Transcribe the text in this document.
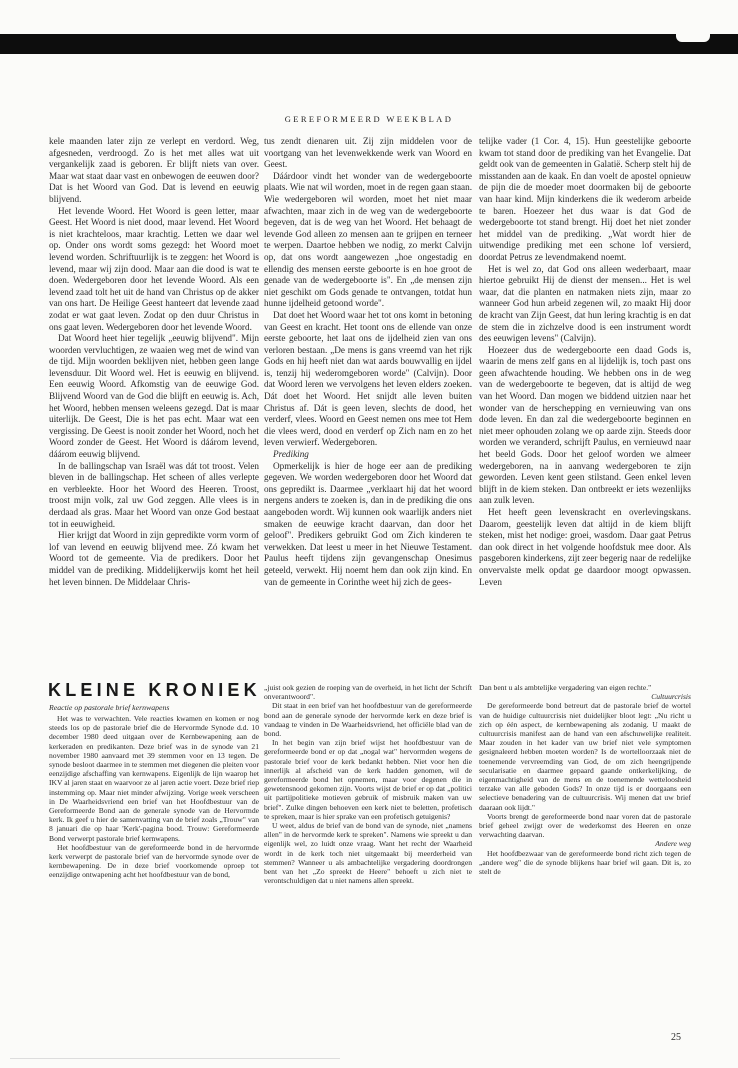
GEREFORMEERD WEEKBLAD

kele maanden later zijn ze verlept en verdord. Weg, afgesneden, verdroogd. Zo is het met alles wat uit vergankelijk zaad is geboren. Er blijft niets van over. Maar wat staat daar vast en onbewogen de eeuwen door? Dat is het Woord van God. Dat is levend en eeuwig blijvend.

Het levende Woord. Het Woord is geen letter, maar Geest. Het Woord is niet dood, maar levend. Het Woord is niet krachteloos, maar krachtig. Letten we daar wel op. Onder ons wordt soms gezegd: het Woord moet levend worden. Schriftuurlijk is te zeggen: het Woord is levend, maar wij zijn dood. Maar aan die dood is wat te doen. Wedergeboren door het levende Woord. Als een levend zaad tolt het uit de hand van Christus op de akker van ons hart. De Heilige Geest hanteert dat levende zaad zodat er wat gaat leven. Zodat op den duur Christus in ons gaat leven. Wedergeboren door het levende Woord.

Dat Woord heet hier tegelijk „eeuwig blijvend". Mijn woorden vervluchtigen, ze waaien weg met de wind van de tijd. Mijn woorden beklijven niet, hebben geen lange levensduur. Dit Woord wel. Het is eeuwig en blijvend. Een eeuwig Woord. Afkomstig van de eeuwige God. Blijvend Woord van de God die blijft en eeuwig is. Ach, het Woord, hebben mensen weleens gezegd. Dat is maar uiterlijk. De Geest, Die is het pas echt. Maar wat een vergissing. De Geest is nooit zonder het Woord, noch het Woord zonder de Geest. Het Woord is dáárom levend, dáárom eeuwig blijvend.

In de ballingschap van Israël was dát tot troost. Velen bleven in de ballingschap. Het scheen of alles verlepte en verbleekte. Hoor het Woord des Heeren. Troost, troost mijn volk, zal uw God zeggen. Alle vlees is in derdaad als gras. Maar het Woord van onze God bestaat tot in eeuwigheid.

Hier krijgt dat Woord in zijn gepredikte vorm vorm of lof van levend en eeuwig blijvend mee. Zó kwam het Woord tot de gemeente. Via de predikers. Door het middel van de prediking. Middelijkerwijs komt het heil het leven binnen. De Middelaar Chris-

tus zendt dienaren uit. Zij zijn middelen voor de voortgang van het levenwekkende werk van Woord en Geest.

Dáárdoor vindt het wonder van de wedergeboorte plaats. Wie nat wil worden, moet in de regen gaan staan. Wie wedergeboren wil worden, moet het niet maar afwachten, maar zich in de weg van de wedergeboorte begeven, dat is de weg van het Woord. Het behaagt de levende God alleen zo mensen aan te grijpen en terneer te werpen. Daartoe hebben we nodig, zo merkt Calvijn op, dat ons wordt aangewezen „hoe ongestadig en ellendig des mensen eerste geboorte is en hoe groot de genade van de wedergeboorte is". En „de mensen zijn niet geschikt om Gods genade te ontvangen, totdat hun hunne ijdelheid getoond worde".

Dat doet het Woord waar het tot ons komt in betoning van Geest en kracht. Het toont ons de ellende van onze eerste geboorte, het laat ons de ijdelheid zien van ons verloren bestaan. „De mens is gans vreemd van het rijk Gods en hij heeft niet dan wat aards bouwvallig en ijdel is, tenzij hij wederomgeboren worde" (Calvijn). Door dat Woord leren we vervolgens het leven elders zoeken. Dát doet het Woord. Het snijdt alle leven buiten Christus af. Dát is geen leven, slechts de dood, het verderf, vlees. Woord en Geest nemen ons mee tot Hem die vlees werd, dood en verderf op Zich nam en zo het leven verwierf. Wedergeboren.

Prediking

Opmerkelijk is hier de hoge eer aan de prediking gegeven. We worden wedergeboren door het Woord dat ons gepredikt is. Daarmee „verklaart hij dat het woord nergens anders te zoeken is, dan in de prediking die ons aangeboden wordt. Wij kunnen ook waarlijk anders niet smaken de eeuwige kracht daarvan, dan door het geloof". Predikers gebruikt God om Zich kinderen te verwekken. Dat leest u meer in het Nieuwe Testament. Paulus heeft tijdens zijn gevangenschap Onesimus geteeld, verwekt. Hij noemt hem dan ook zijn kind. En van de gemeente in Corinthe weet hij zich de gees-

telijke vader (1 Cor. 4, 15). Hun geestelijke geboorte kwam tot stand door de prediking van het Evangelie. Dat geldt ook van de gemeenten in Galatië. Scherp stelt hij de misstanden aan de kaak. En dan voelt de apostel opnieuw de pijn die de moeder moet doormaken bij de geboorte van haar kind. Mijn kinderkens die ik wederom arbeide te baren. Hoezeer het dus waar is dat God de wedergeboorte tot stand brengt. Hij doet het niet zonder het middel van de prediking. „Wat wordt hier de uitwendige prediking met een schone lof versierd, doordat Petrus ze levendmakend noemt.

Het is wel zo, dat God ons alleen wederbaart, maar hiertoe gebruikt Hij de dienst der mensen... Het is wel waar, dat die planten en natmaken niets zijn, maar zo wanneer God hun arbeid zegenen wil, zo maakt Hij door de kracht van Zijn Geest, dat hun lering krachtig is en dat de stem die in zichzelve dood is een instrument wordt des eeuwigen levens" (Calvijn).

Hoezeer dus de wedergeboorte een daad Gods is, waarin de mens zelf gans en al lijdelijk is, toch past ons geen afwachtende houding. We hebben ons in de weg van de wedergeboorte te begeven, dat is altijd de weg van het Woord. Dan mogen we biddend uitzien naar het wonder van de herschepping en vernieuwing van ons dode leven. En dan zal die wedergeboorte beginnen en niet meer ophouden zolang we op aarde zijn. Steeds door worden we veranderd, schrijft Paulus, en vernieuwd naar het beeld Gods. Door het geloof worden we almeer wedergeboren, na in aanvang wedergeboren te zijn geworden. Leven kent geen stilstand. Geen enkel leven blijft in de kiem steken. Dan ontbreekt er iets wezenlijks aan zulk leven.

Het heeft geen levenskracht en overlevingskans. Daarom, geestelijk leven dat altijd in de kiem blijft steken, mist het nodige: groei, wasdom. Daar gaat Petrus dan ook direct in het volgende hoofdstuk mee door. Als pasgeboren kinderkens, zijt zeer begerig naar de redelijke onvervalste melk opdat ge daardoor moogt opwassen. Leven

KLEINE KRONIEK
Reactie op pastorale brief kernwapens

Het was te verwachten. Vele reacties kwamen en komen er nog steeds los op de pastorale brief die de Hervormde Synode d.d. 10 december 1980 deed uitgaan over de Kernbewapening aan de kerkeraden en predikanten. Deze brief was in de synode van 21 november 1980 aanvaard met 39 stemmen voor en 13 tegen. De synode besloot daarmee in te stemmen met diegenen die pleiten voor eenzijdige afschaffing van kernwapens. Eigenlijk de lijn waarop het IKV al jaren staat en waarvoor ze al jaren actie voert. Deze brief riep instemming op. Maar niet minder afwijzing. Vorige week verscheen in De Waarheidsvriend een brief van het Hoofdbestuur van de Gereformeerde Bond aan de generale synode van de Hervormde kerk. Ik geef u hier de samenvatting van de brief zoals „Trouw" van 8 januari die op haar 'Kerk'-pagina bood. Trouw: Gereformeerde Bond verwerpt pastorale brief kernwapens.

Het hoofdbestuur van de gereformeerde bond in de hervormde kerk verwerpt de pastorale brief van de hervormde synode over de kernbewapening. De in deze brief voorkomende oproep tot eenzijdige ontwapening acht het hoofdbestuur van de bond,

„juist ook gezien de roeping van de overheid, in het licht der Schrift onverantwoord".

Dit staat in een brief van het hoofdbestuur van de gereformeerde bond aan de generale synode der hervormde kerk en deze brief is vandaag te vinden in De Waarheidsvriend, het officiële blad van de bond.

In het begin van zijn brief wijst het hoofdbestuur van de gereformeerde bond er op dat „nogal wat" hervormden wegens de pastorale brief voor de kerk bedankt hebben. Niet voor hen die innerlijk al afscheid van de kerk hadden genomen, wil de gereformeerde bond het opnemen, maar voor degenen die in gewetensnood gekomen zijn. Voorts wijst de brief er op dat „politici uit partijpolitieke motieven gebruik of misbruik maken van uw brief". Zulke dingen behoeven een kerk niet te beletten, profetisch te spreken, maar is hier sprake van een profetisch getuigenis?

U weet, aldus de brief van de bond van de synode, niet „namens allen" in de hervormde kerk te spreken". Namens wie spreekt u dan eigenlijk wel, zo luidt onze vraag. Want het recht der Waarheid wordt in de kerk toch niet uitgemaakt bij meerderheid van stemmen? Wanneer u als ambachtelijke vergadering doordrongen bent van het „Zo spreekt de Heere" behoeft u zich niet te verontschuldigen dat u niet namens allen spreekt.

Dan bent u als ambtelijke vergadering van eigen rechte."

Cultuurcrisis

De gereformeerde bond betreurt dat de pastorale brief de wortel van de huidige cultuurcrisis niet duidelijker bloot legt: „Nu richt u zich op één aspect, de kernbewapening als zodanig. U maakt de cultuurcrisis manifest aan de hand van een afschuwelijke realiteit. Maar zouden in het kader van uw brief niet vele symptomen gesignaleerd hebben moeten worden? Is de wortelloorzaak niet de toenemende vervreemding van God, de om zich heengrijpende secularisatie en daarmee gepaard gaande ontkerkelijking, de eigenmachtigheid van de mens en de toenemende wetteloosheid terzake van alle geboden Gods? In onze tijd is er doorgaans een selectieve benadering van de cultuurcrisis. Wij menen dat uw brief daaraan ook lijdt."

Voorts brengt de gereformeerde bond naar voren dat de pastorale brief geheel zwijgt over de wederkomst des Heeren en onze verwachting daarvan.

Andere weg

Het hoofdbezwaar van de gereformeerde bond richt zich tegen de „andere weg" die de synode blijkens haar brief wil gaan. Dit is, zo stelt de

25
